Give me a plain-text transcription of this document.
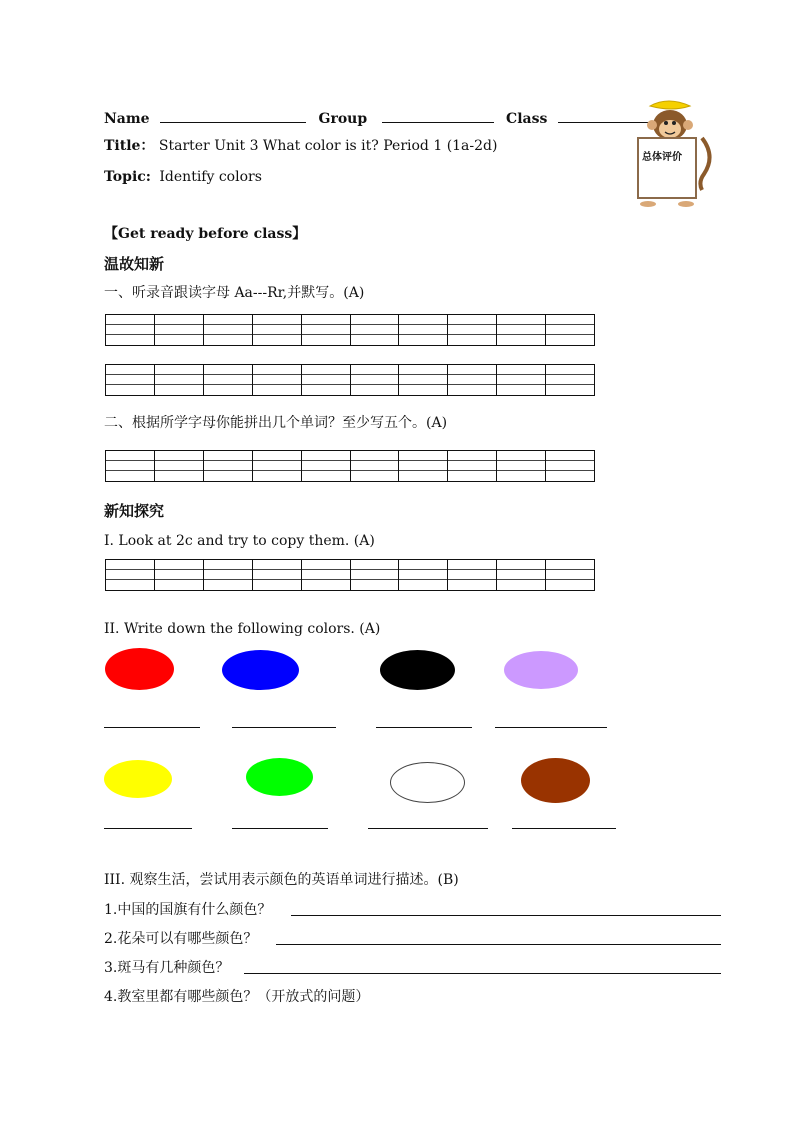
Name	Group	Class
Title： Starter Unit 3 What color is it? Period 1 (1a-2d)
Topic: Identify colors
总体评价
【Get ready before class】
温故知新
一、听录音跟读字母 Aa---Rr,并默写。(A)
二、根据所学字母你能拼出几个单词？至少写五个。(A)
新知探究
I. Look at 2c and try to copy them. (A)
II. Write down the following colors. (A)
III. 观察生活，尝试用表示颜色的英语单词进行描述。(B)
1.中国的国旗有什么颜色？
2.花朵可以有哪些颜色？
3.斑马有几种颜色？
4.教室里都有哪些颜色？（开放式的问题）
